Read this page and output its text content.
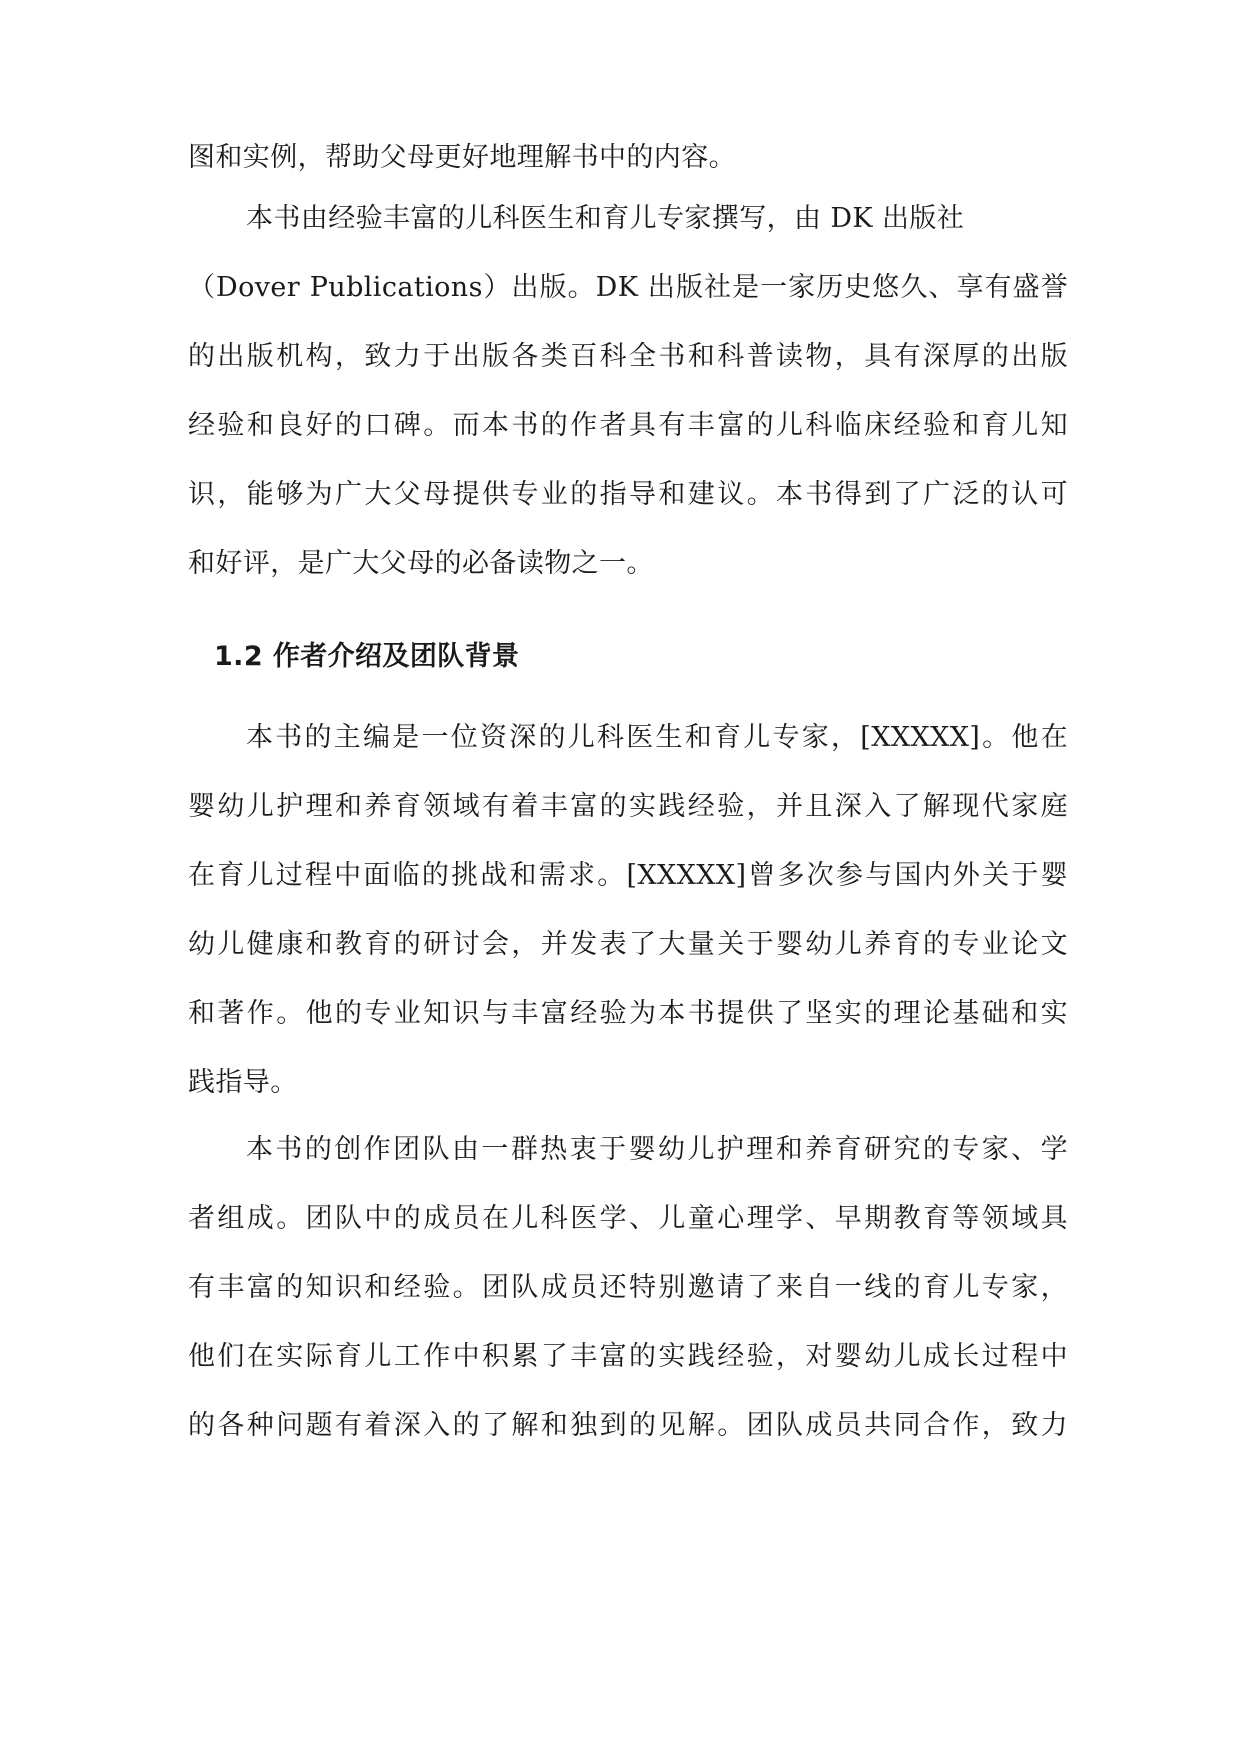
图和实例，帮助父母更好地理解书中的内容。
本书由经验丰富的儿科医生和育儿专家撰写，由 DK 出版社
（Dover Publications）出版。DK 出版社是一家历史悠久、享有盛誉
的出版机构，致力于出版各类百科全书和科普读物，具有深厚的出版
经验和良好的口碑。而本书的作者具有丰富的儿科临床经验和育儿知
识，能够为广大父母提供专业的指导和建议。本书得到了广泛的认可
和好评，是广大父母的必备读物之一。
1.2 作者介绍及团队背景
本书的主编是一位资深的儿科医生和育儿专家，[XXXXX]。他在
婴幼儿护理和养育领域有着丰富的实践经验，并且深入了解现代家庭
在育儿过程中面临的挑战和需求。[XXXXX]曾多次参与国内外关于婴
幼儿健康和教育的研讨会，并发表了大量关于婴幼儿养育的专业论文
和著作。他的专业知识与丰富经验为本书提供了坚实的理论基础和实
践指导。
本书的创作团队由一群热衷于婴幼儿护理和养育研究的专家、学
者组成。团队中的成员在儿科医学、儿童心理学、早期教育等领域具
有丰富的知识和经验。团队成员还特别邀请了来自一线的育儿专家，
他们在实际育儿工作中积累了丰富的实践经验，对婴幼儿成长过程中
的各种问题有着深入的了解和独到的见解。团队成员共同合作，致力
